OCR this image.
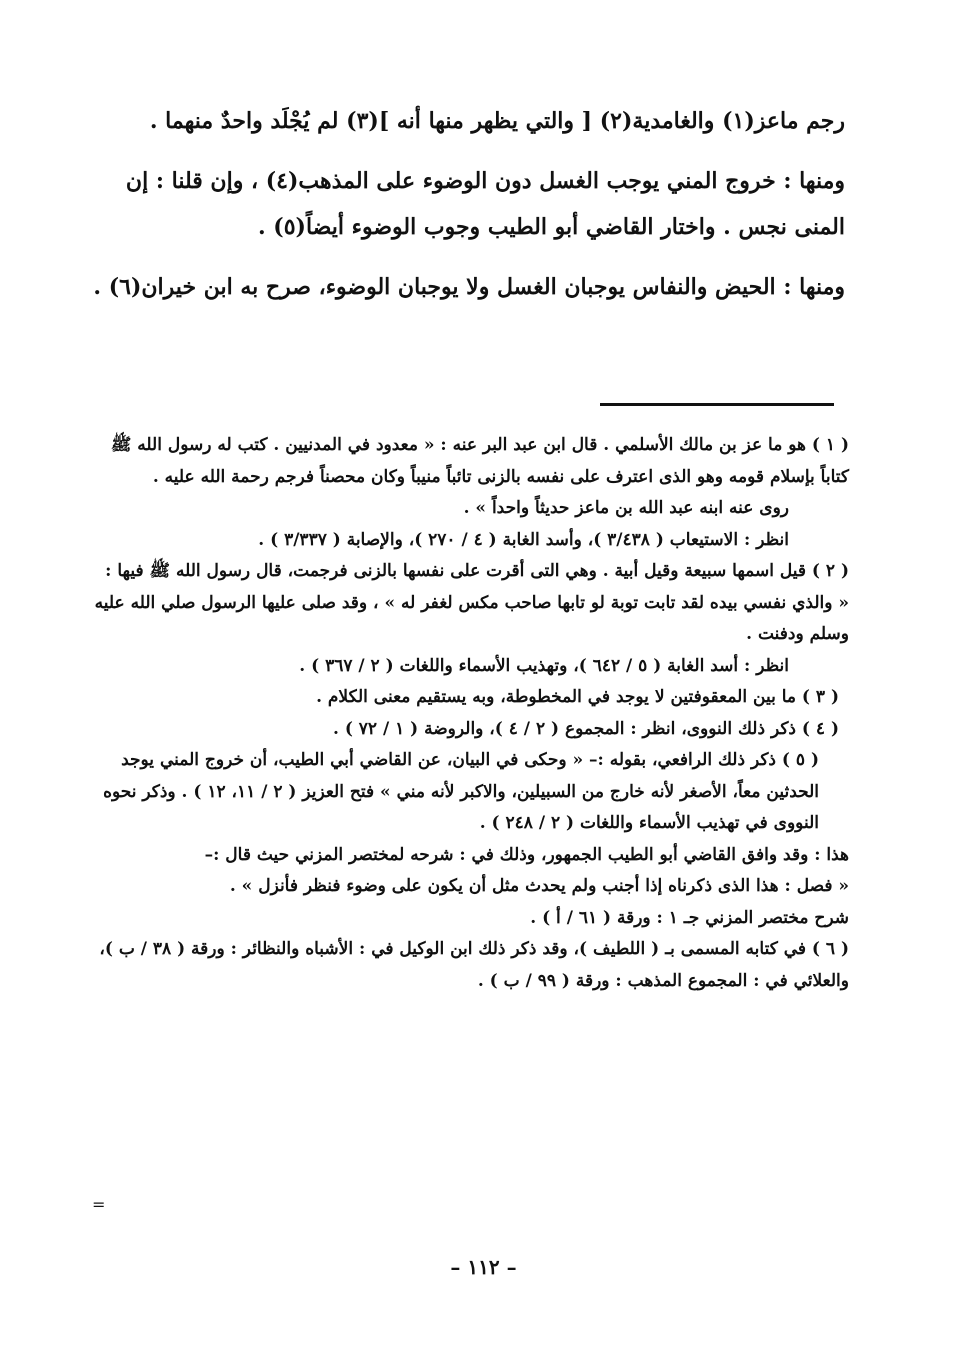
رجم ماعز(١) والغامدية(٢) [ والتي يظهر منها أنه ](٣) لم يُجْلَد واحدٌ منهما .

ومنها : خروج المني يوجب الغسل دون الوضوء على المذهب(٤) ، وإن قلنا : إن المنى نجس . واختار القاضي أبو الطيب وجوب الوضوء أيضاً(٥) .

ومنها : الحيض والنفاس يوجبان الغسل ولا يوجبان الوضوء، صرح به ابن خيران(٦) .

( ١ ) هو ما عز بن مالك الأسلمي . قال ابن عبد البر عنه : « معدود في المدنيين . كتب له رسول الله ﷺ كتاباً بإسلام قومه وهو الذى اعترف على نفسه بالزنى تائباً منيباً وكان محصناً فرجم رحمة الله عليه .

روى عنه ابنه عبد الله بن ماعز حديثاً واحداً » .

انظر : الاستيعاب ( ٣/٤٣٨ )، وأسد الغابة ( ٤ / ٢٧٠ )، والإصابة ( ٣/٣٣٧ ) .

( ٢ ) قيل اسمها سبيعة وقيل أبية . وهي التى أقرت على نفسها بالزنى فرجمت، قال رسول الله ﷺ فيها : « والذي نفسي بيده لقد تابت توبة لو تابها صاحب مكس لغفر له » ، وقد صلى عليها الرسول صلي الله عليه وسلم ودفنت .

انظر : أسد الغابة ( ٥ / ٦٤٢ )، وتهذيب الأسماء واللغات ( ٢ / ٣٦٧ ) .

( ٣ ) ما بين المعقوفتين لا يوجد في المخطوطة، وبه يستقيم معنى الكلام .

( ٤ ) ذكر ذلك النووى، انظر : المجموع ( ٢ / ٤ )، والروضة ( ١ / ٧٢ ) .

( ٥ ) ذكر ذلك الرافعي، بقوله :– « وحكى في البيان، عن القاضي أبي الطيب، أن خروج المني يوجد الحدثين معاً، الأصغر لأنه خارج من السبيلين، والاكبر لأنه مني » فتح العزيز ( ٢ / ١١، ١٢ ) . وذكر نحوه النووى في تهذيب الأسماء واللغات ( ٢ / ٢٤٨ ) .

هذا : وقد وافق القاضي أبو الطيب الجمهور، وذلك في : شرحه لمختصر المزني حيث قال :–

« فصل : هذا الذى ذكرناه إذا أجنب ولم يحدث مثل أن يكون على وضوء فنظر فأنزل » .

شرح مختصر المزني جـ ١ : ورقة ( ٦١ / أ ) .

( ٦ ) في كتابه المسمى بـ ( اللطيف )، وقد ذكر ذلك ابن الوكيل في : الأشباه والنظائر : ورقة ( ٣٨ / ب )، والعلائي في : المجموع المذهب : ورقة ( ٩٩ / ب ) .

=
– ١١٢ –
